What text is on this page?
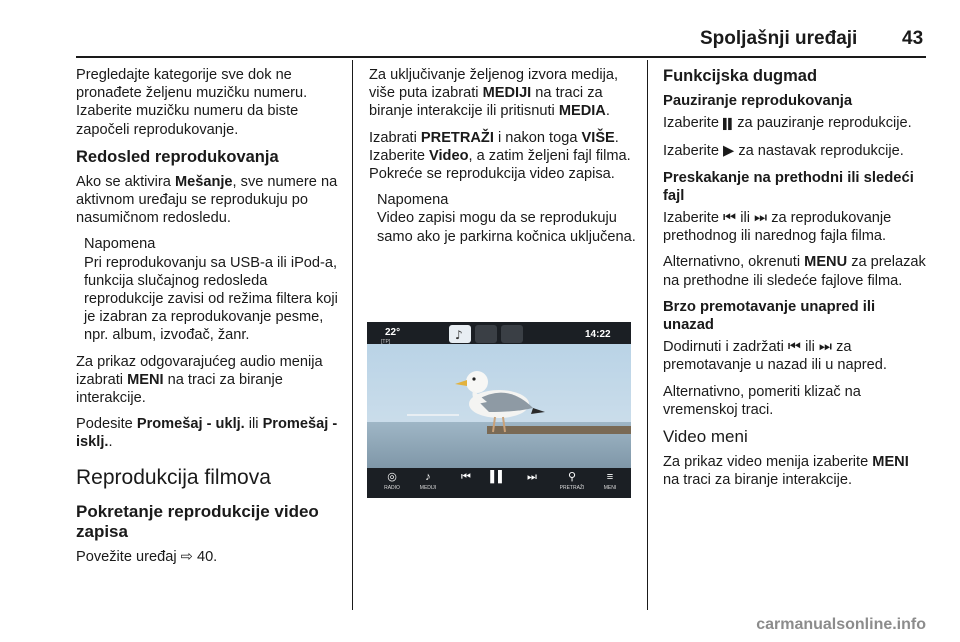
Spoljašnji uređaji 43

Pregledajte kategorije sve dok ne pronađete željenu muzičku numeru. Izaberite muzičku numeru da biste započeli reprodukovanje.

Redosled reprodukovanja

Ako se aktivira Mešanje, sve numere na aktivnom uređaju se reprodukuju po nasumičnom redosledu.

Napomena

Pri reprodukovanju sa USB-a ili iPod-a, funkcija slučajnog redosleda reprodukcije zavisi od režima filtera koji je izabran za reprodukovanje pesme, npr. album, izvođač, žanr.

Za prikaz odgovarajućeg audio menija izabrati MENI na traci za biranje interakcije.

Podesite Promešaj - uklj. ili Promešaj - isklj..

Reprodukcija filmova
Pokretanje reprodukcije video zapisa

Povežite uređaj ⇨ 40.

Za uključivanje željenog izvora medija, više puta izabrati MEDIJI na traci za biranje interakcije ili pritisnuti MEDIA.

Izabrati PRETRAŽI i nakon toga VIŠE. Izaberite Video, a zatim željeni fajl filma. Pokreće se reprodukcija video zapisa.

Napomena

Video zapisi mogu da se reprodukuju samo ako je parkirna kočnica uključena.

22°
[TP]	♪	14:22
◎	♪	⏮	▌▌	⏭	⚲	≡
RADIO	MEDIJI	PRETRAŽI	MENI
Funkcijska dugmad
Pauziranje reprodukovanja

Izaberite ▌▌ za pauziranje reprodukcije.

Izaberite ▶ za nastavak reprodukcije.

Preskakanje na prethodni ili sledeći fajl

Izaberite ⏮ ili ⏭ za reprodukovanje prethodnog ili narednog fajla filma.

Alternativno, okrenuti MENU za prelazak na prethodne ili sledeće fajlove filma.

Brzo premotavanje unapred ili unazad

Dodirnuti i zadržati ⏮ ili ⏭ za premotavanje u nazad ili u napred.

Alternativno, pomeriti klizač na vremenskoj traci.

Video meni

Za prikaz video menija izaberite MENI na traci za biranje interakcije.

carmanualsonline.info
